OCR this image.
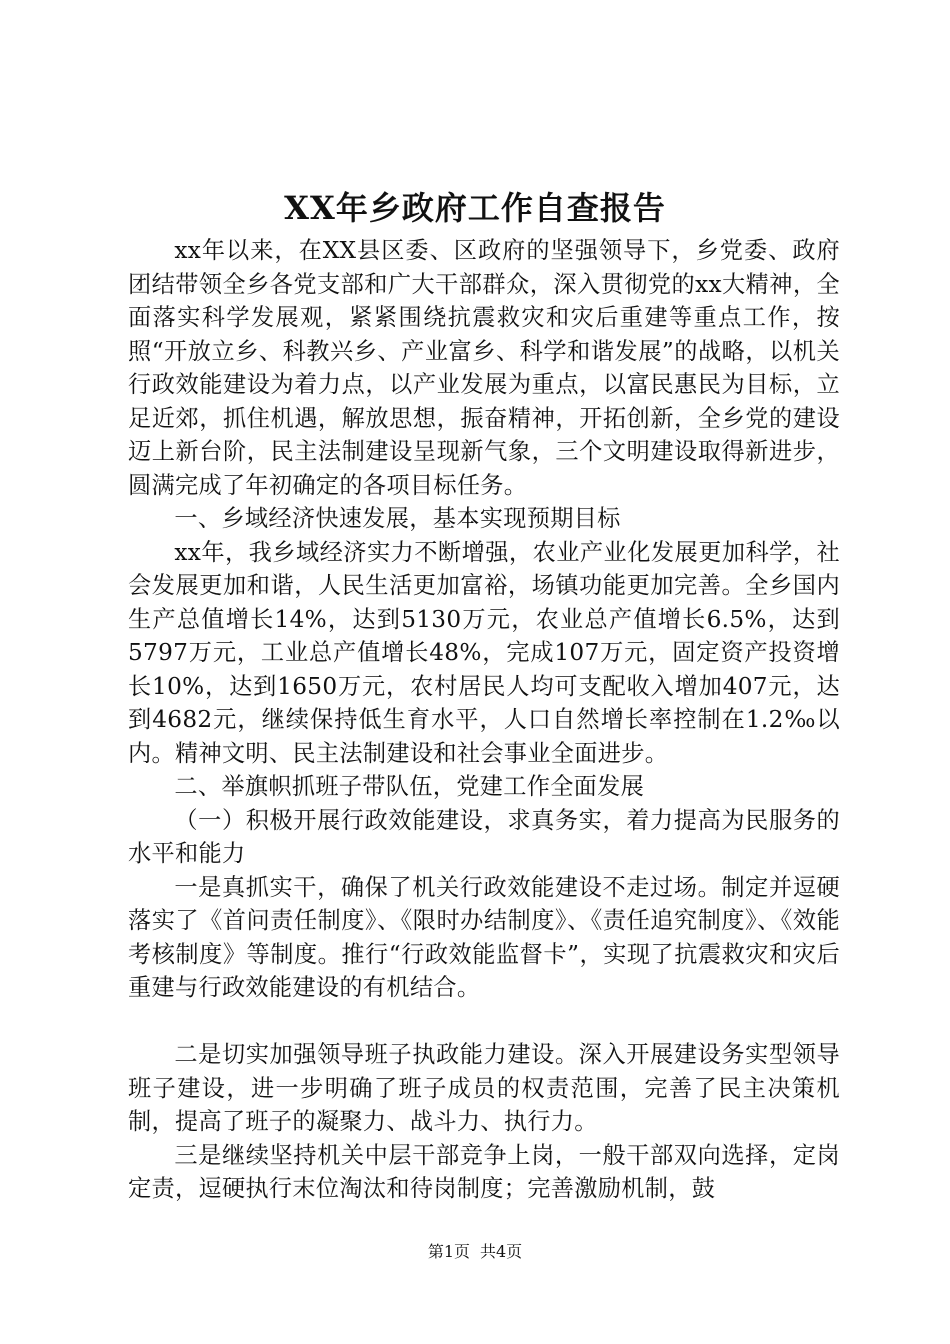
XX年乡政府工作自查报告

xx年以来，在XX县区委、区政府的坚强领导下，乡党委、政府团结带领全乡各党支部和广大干部群众，深入贯彻党的xx大精神，全面落实科学发展观，紧紧围绕抗震救灾和灾后重建等重点工作，按照“开放立乡、科教兴乡、产业富乡、科学和谐发展”的战略，以机关行政效能建设为着力点，以产业发展为重点，以富民惠民为目标，立足近郊，抓住机遇，解放思想，振奋精神，开拓创新，全乡党的建设迈上新台阶，民主法制建设呈现新气象，三个文明建设取得新进步，圆满完成了年初确定的各项目标任务。

一、乡域经济快速发展，基本实现预期目标

xx年，我乡域经济实力不断增强，农业产业化发展更加科学，社会发展更加和谐，人民生活更加富裕，场镇功能更加完善。全乡国内生产总值增长14%，达到5130万元，农业总产值增长6.5%，达到5797万元，工业总产值增长48%，完成107万元，固定资产投资增长10%，达到1650万元，农村居民人均可支配收入增加407元，达到4682元，继续保持低生育水平，人口自然增长率控制在1.2‰以内。精神文明、民主法制建设和社会事业全面进步。

二、举旗帜抓班子带队伍，党建工作全面发展

（一）积极开展行政效能建设，求真务实，着力提高为民服务的水平和能力

一是真抓实干，确保了机关行政效能建设不走过场。制定并逗硬落实了《首问责任制度》、《限时办结制度》、《责任追究制度》、《效能考核制度》等制度。推行“行政效能监督卡”，实现了抗震救灾和灾后重建与行政效能建设的有机结合。

二是切实加强领导班子执政能力建设。深入开展建设务实型领导班子建设，进一步明确了班子成员的权责范围，完善了民主决策机制，提高了班子的凝聚力、战斗力、执行力。

三是继续坚持机关中层干部竞争上岗，一般干部双向选择，定岗定责，逗硬执行末位淘汰和待岗制度；完善激励机制，鼓

第1页 共4页
